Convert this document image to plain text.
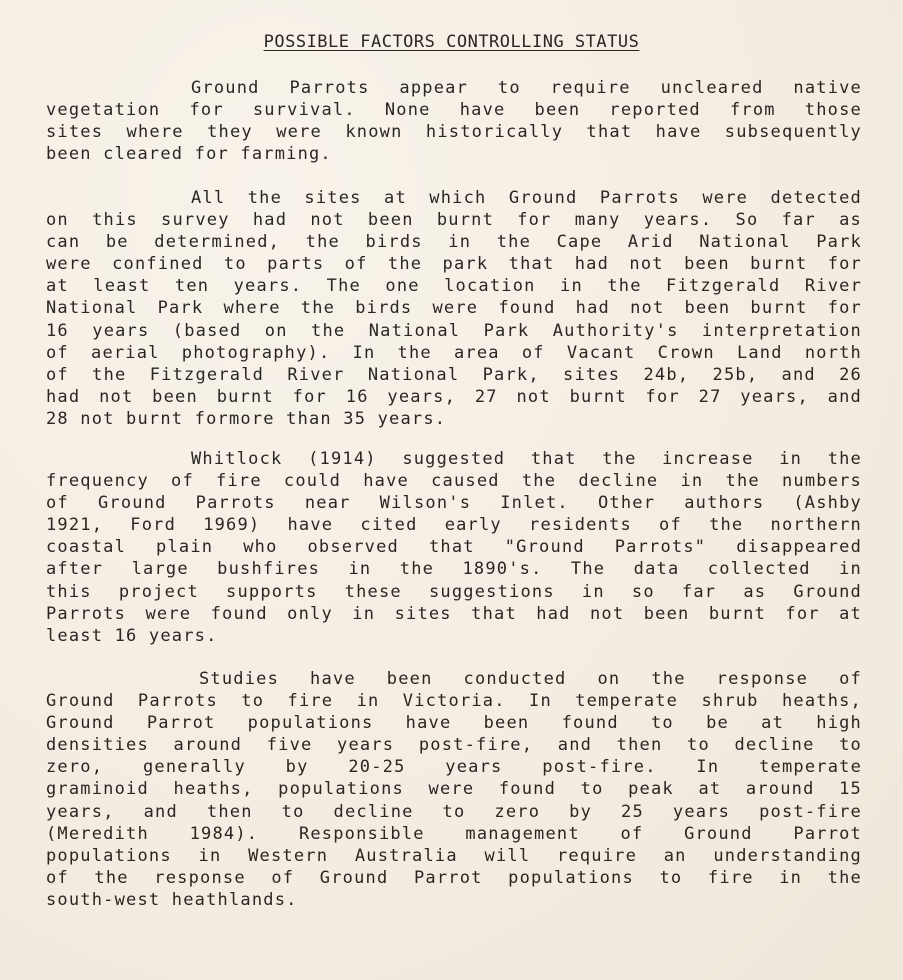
POSSIBLE FACTORS CONTROLLING STATUS
Ground Parrots appear to require uncleared native
vegetation for survival. None have been reported from those
sites where they were known historically that have subsequently
been cleared for farming.
All the sites at which Ground Parrots were detected
on this survey had not been burnt for many years. So far as
can be determined, the birds in the Cape Arid National Park
were confined to parts of the park that had not been burnt for
at least ten years. The one location in the Fitzgerald River
National Park where the birds were found had not been burnt for
16 years (based on the National Park Authority's interpretation
of aerial photography). In the area of Vacant Crown Land north
of the Fitzgerald River National Park, sites 24b, 25b, and 26
had not been burnt for 16 years, 27 not burnt for 27 years, and
28 not burnt formore than 35 years.
Whitlock (1914) suggested that the increase in the
frequency of fire could have caused the decline in the numbers
of Ground Parrots near Wilson's Inlet. Other authors (Ashby
1921, Ford 1969) have cited early residents of the northern
coastal plain who observed that "Ground Parrots" disappeared
after large bushfires in the 1890's. The data collected in
this project supports these suggestions in so far as Ground
Parrots were found only in sites that had not been burnt for at
least 16 years.
Studies have been conducted on the response of
Ground Parrots to fire in Victoria. In temperate shrub heaths,
Ground Parrot populations have been found to be at high
densities around five years post-fire, and then to decline to
zero, generally by 20-25 years post-fire. In temperate
graminoid heaths, populations were found to peak at around 15
years, and then to decline to zero by 25 years post-fire
(Meredith 1984). Responsible management of Ground Parrot
populations in Western Australia will require an understanding
of the response of Ground Parrot populations to fire in the
south-west heathlands.
